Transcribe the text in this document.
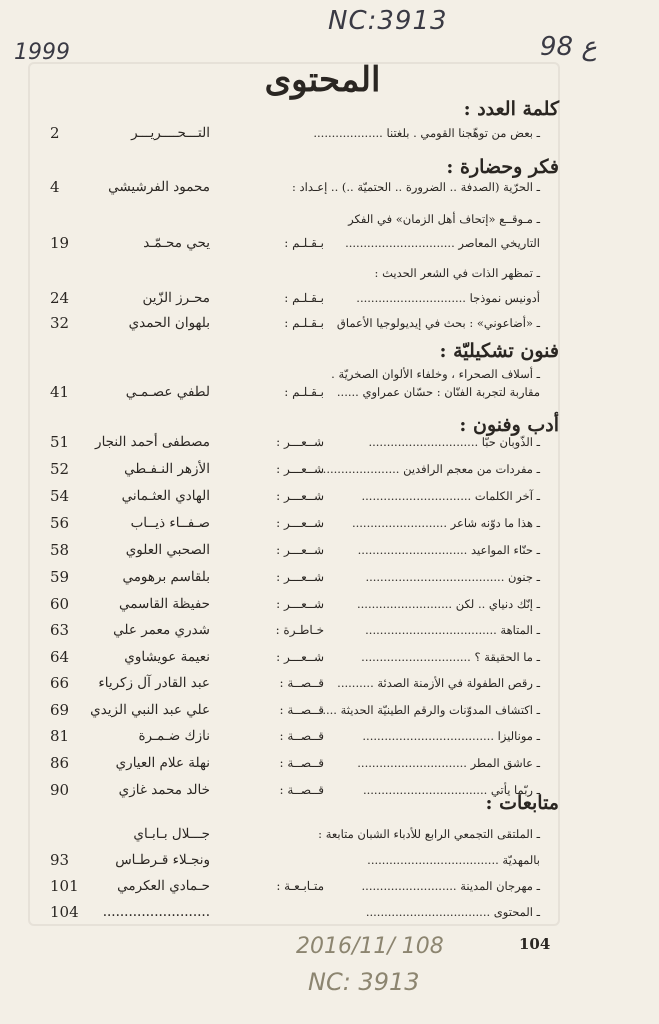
NC:3913
1999	ع 98
المحتوى
كلمة العدد :
ـ بعض من توهّجنا القومي . بلغتنا ...................
التـــحــــريـــر
2
فكر وحضارة :
ـ الحرّية (الصدفة .. الضرورة .. الحتميّة ..) .. إعـداد :
محمود الفرشيشي
4
ـ مـوقــع «إتحاف أهل الزمان» في الفكر
التاريخي المعاصر ..............................
بـقـلـم :
يحي محـمّـد
19
ـ تمظهر الذات في الشعر الحديث :
أدونيس نموذجا ..............................
بـقـلـم :
محـرز الزّين
24
ـ «أضاعوني» : بحث في إيديولوجيا الأعماق
بـقـلـم :
بلهوان الحمدي
32
فنون تشكيليّة :
ـ أسلاف الصحراء ، وخلفاء الألوان الصخريّة .
مقاربة لتجربة الفنّان : حسّان عمراوي ......
بـقـلـم :
لطفي عصـمـي
41
أدب وفنون :
ـ الذّوبان حبّا ..............................
شــعـــر :
مصطفى أحمد النجار
51
ـ مفردات من معجم الرافدين ......................
شــعـــر :
الأزهر النـفـطي
52
ـ آخر الكلمات ..............................
شــعـــر :
الهادي العثـماني
54
ـ هذا ما دوّنه شاعر ..........................
شــعـــر :
صـفــاء ذيــاب
56
ـ حنّاء المواعيد ..............................
شــعـــر :
الصحبي العلوي
58
ـ جنون ......................................
شــعـــر :
بلقاسم برهومي
59
ـ إنّك دنياي .. لكن ..........................
شــعـــر :
حفيظة القاسمي
60
ـ المتاهة ....................................
خـاطـرة :
شدري معمر علي
63
ـ ما الحقيقة ؟ ..............................
شــعـــر :
نعيمة عويشاوي
64
ـ رقص الطفولة في الأزمنة الصدئة ..........
قــصــة :
عبد القادر آل زكرياء
66
ـ اكتشاف المدوّنات والرقم الطينيّة الحديثة .....
قــصــة :
علي عبد النبي الزيدي
69
ـ موناليزا ....................................
قــصــة :
نازك ضـمـرة
81
ـ عاشق المطر ..............................
قــصــة :
نهلة علام العياري
86
ـ ربّما يأتي ..................................
قــصــة :
خالد محمد غازي
90
متابعات :
ـ الملتقى التجمعي الرابع للأدباء الشبان متابعة :
جـــلال بـابـاي
بالمهديّة ....................................
ونجـلاء قـرطـاس
93
ـ مهرجان المدينة ..........................
متـابـعـة :
حـمادي العكرمي
101
ـ المحتوى ..................................
.........................
104
104
2016/11/ 108
NC: 3913
